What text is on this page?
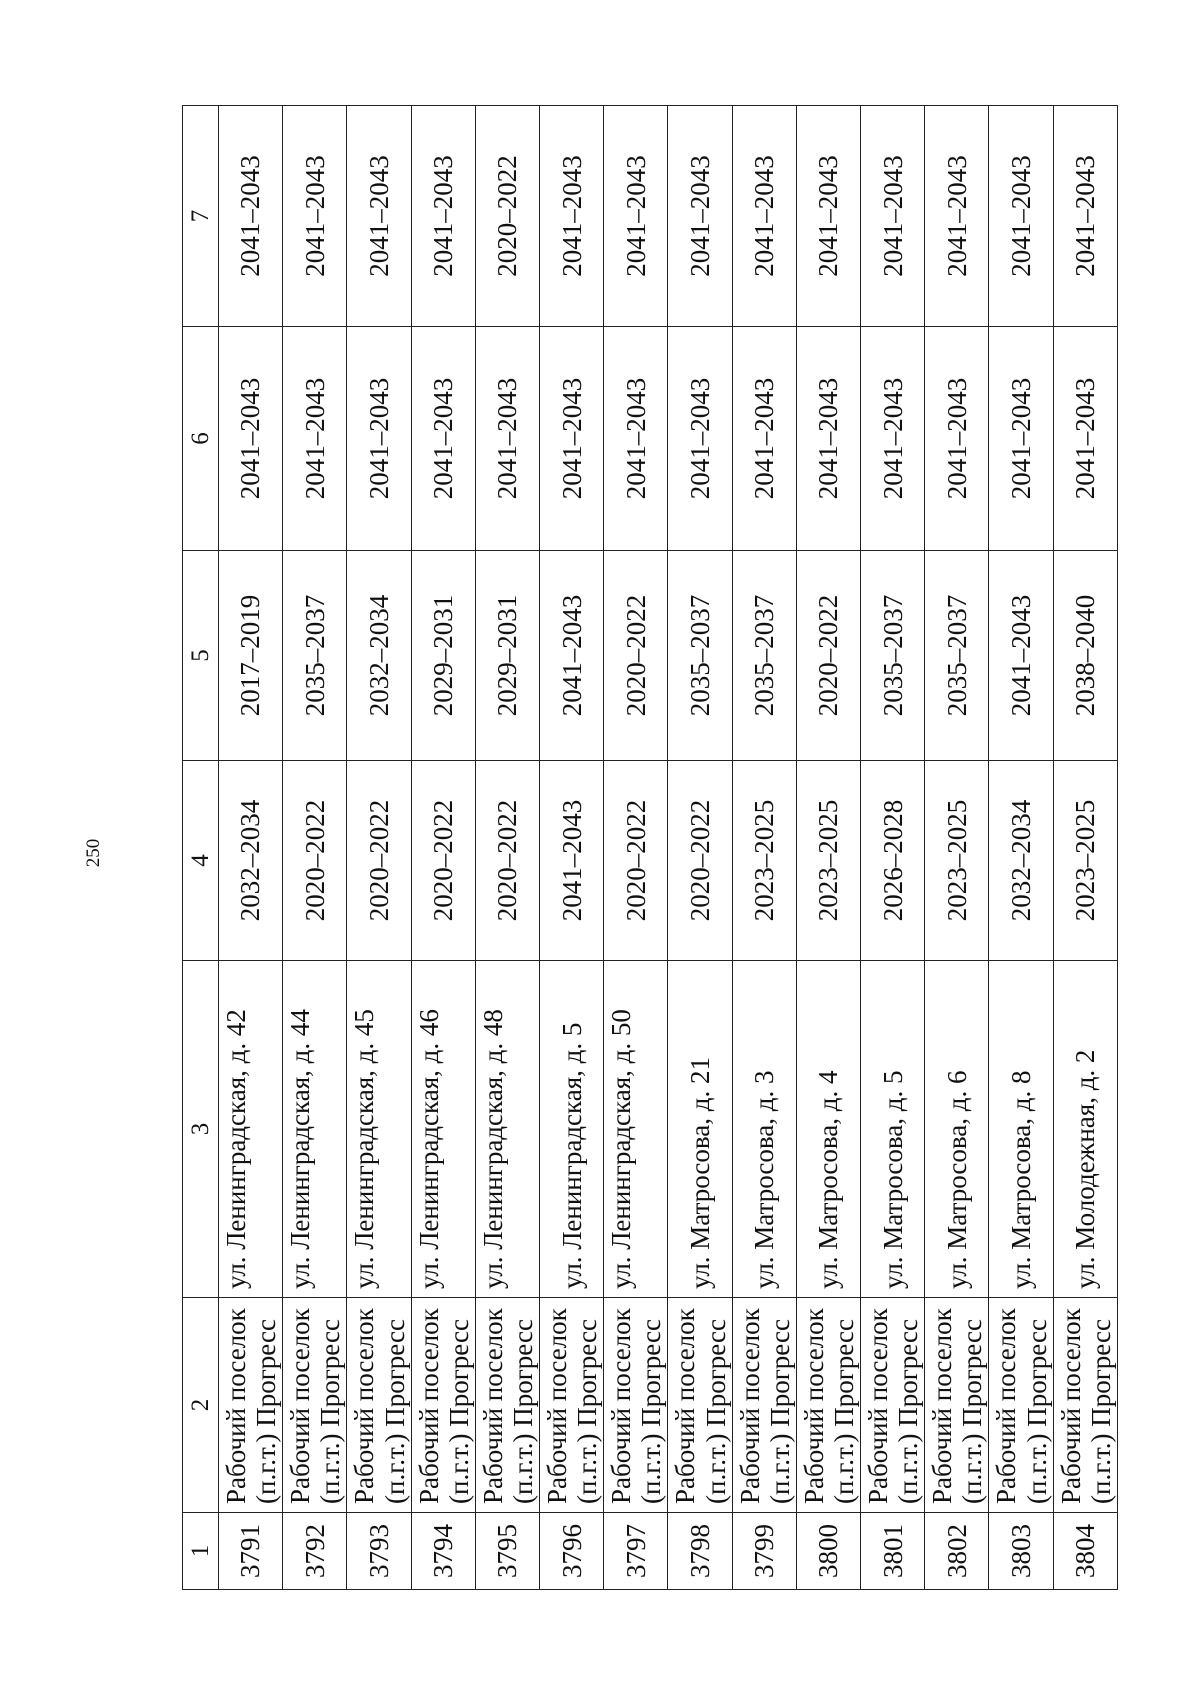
250
1	2	3	4	5	6	7
3791	Рабочий поселок (п.г.т.) Прогресс	ул. Ленинградская, д. 42	2032–2034	2017–2019	2041–2043	2041–2043
3792	Рабочий поселок (п.г.т.) Прогресс	ул. Ленинградская, д. 44	2020–2022	2035–2037	2041–2043	2041–2043
3793	Рабочий поселок (п.г.т.) Прогресс	ул. Ленинградская, д. 45	2020–2022	2032–2034	2041–2043	2041–2043
3794	Рабочий поселок (п.г.т.) Прогресс	ул. Ленинградская, д. 46	2020–2022	2029–2031	2041–2043	2041–2043
3795	Рабочий поселок (п.г.т.) Прогресс	ул. Ленинградская, д. 48	2020–2022	2029–2031	2041–2043	2020–2022
3796	Рабочий поселок (п.г.т.) Прогресс	ул. Ленинградская, д. 5	2041–2043	2041–2043	2041–2043	2041–2043
3797	Рабочий поселок (п.г.т.) Прогресс	ул. Ленинградская, д. 50	2020–2022	2020–2022	2041–2043	2041–2043
3798	Рабочий поселок (п.г.т.) Прогресс	ул. Матросова, д. 21	2020–2022	2035–2037	2041–2043	2041–2043
3799	Рабочий поселок (п.г.т.) Прогресс	ул. Матросова, д. 3	2023–2025	2035–2037	2041–2043	2041–2043
3800	Рабочий поселок (п.г.т.) Прогресс	ул. Матросова, д. 4	2023–2025	2020–2022	2041–2043	2041–2043
3801	Рабочий поселок (п.г.т.) Прогресс	ул. Матросова, д. 5	2026–2028	2035–2037	2041–2043	2041–2043
3802	Рабочий поселок (п.г.т.) Прогресс	ул. Матросова, д. 6	2023–2025	2035–2037	2041–2043	2041–2043
3803	Рабочий поселок (п.г.т.) Прогресс	ул. Матросова, д. 8	2032–2034	2041–2043	2041–2043	2041–2043
3804	Рабочий поселок (п.г.т.) Прогресс	ул. Молодежная, д. 2	2023–2025	2038–2040	2041–2043	2041–2043
